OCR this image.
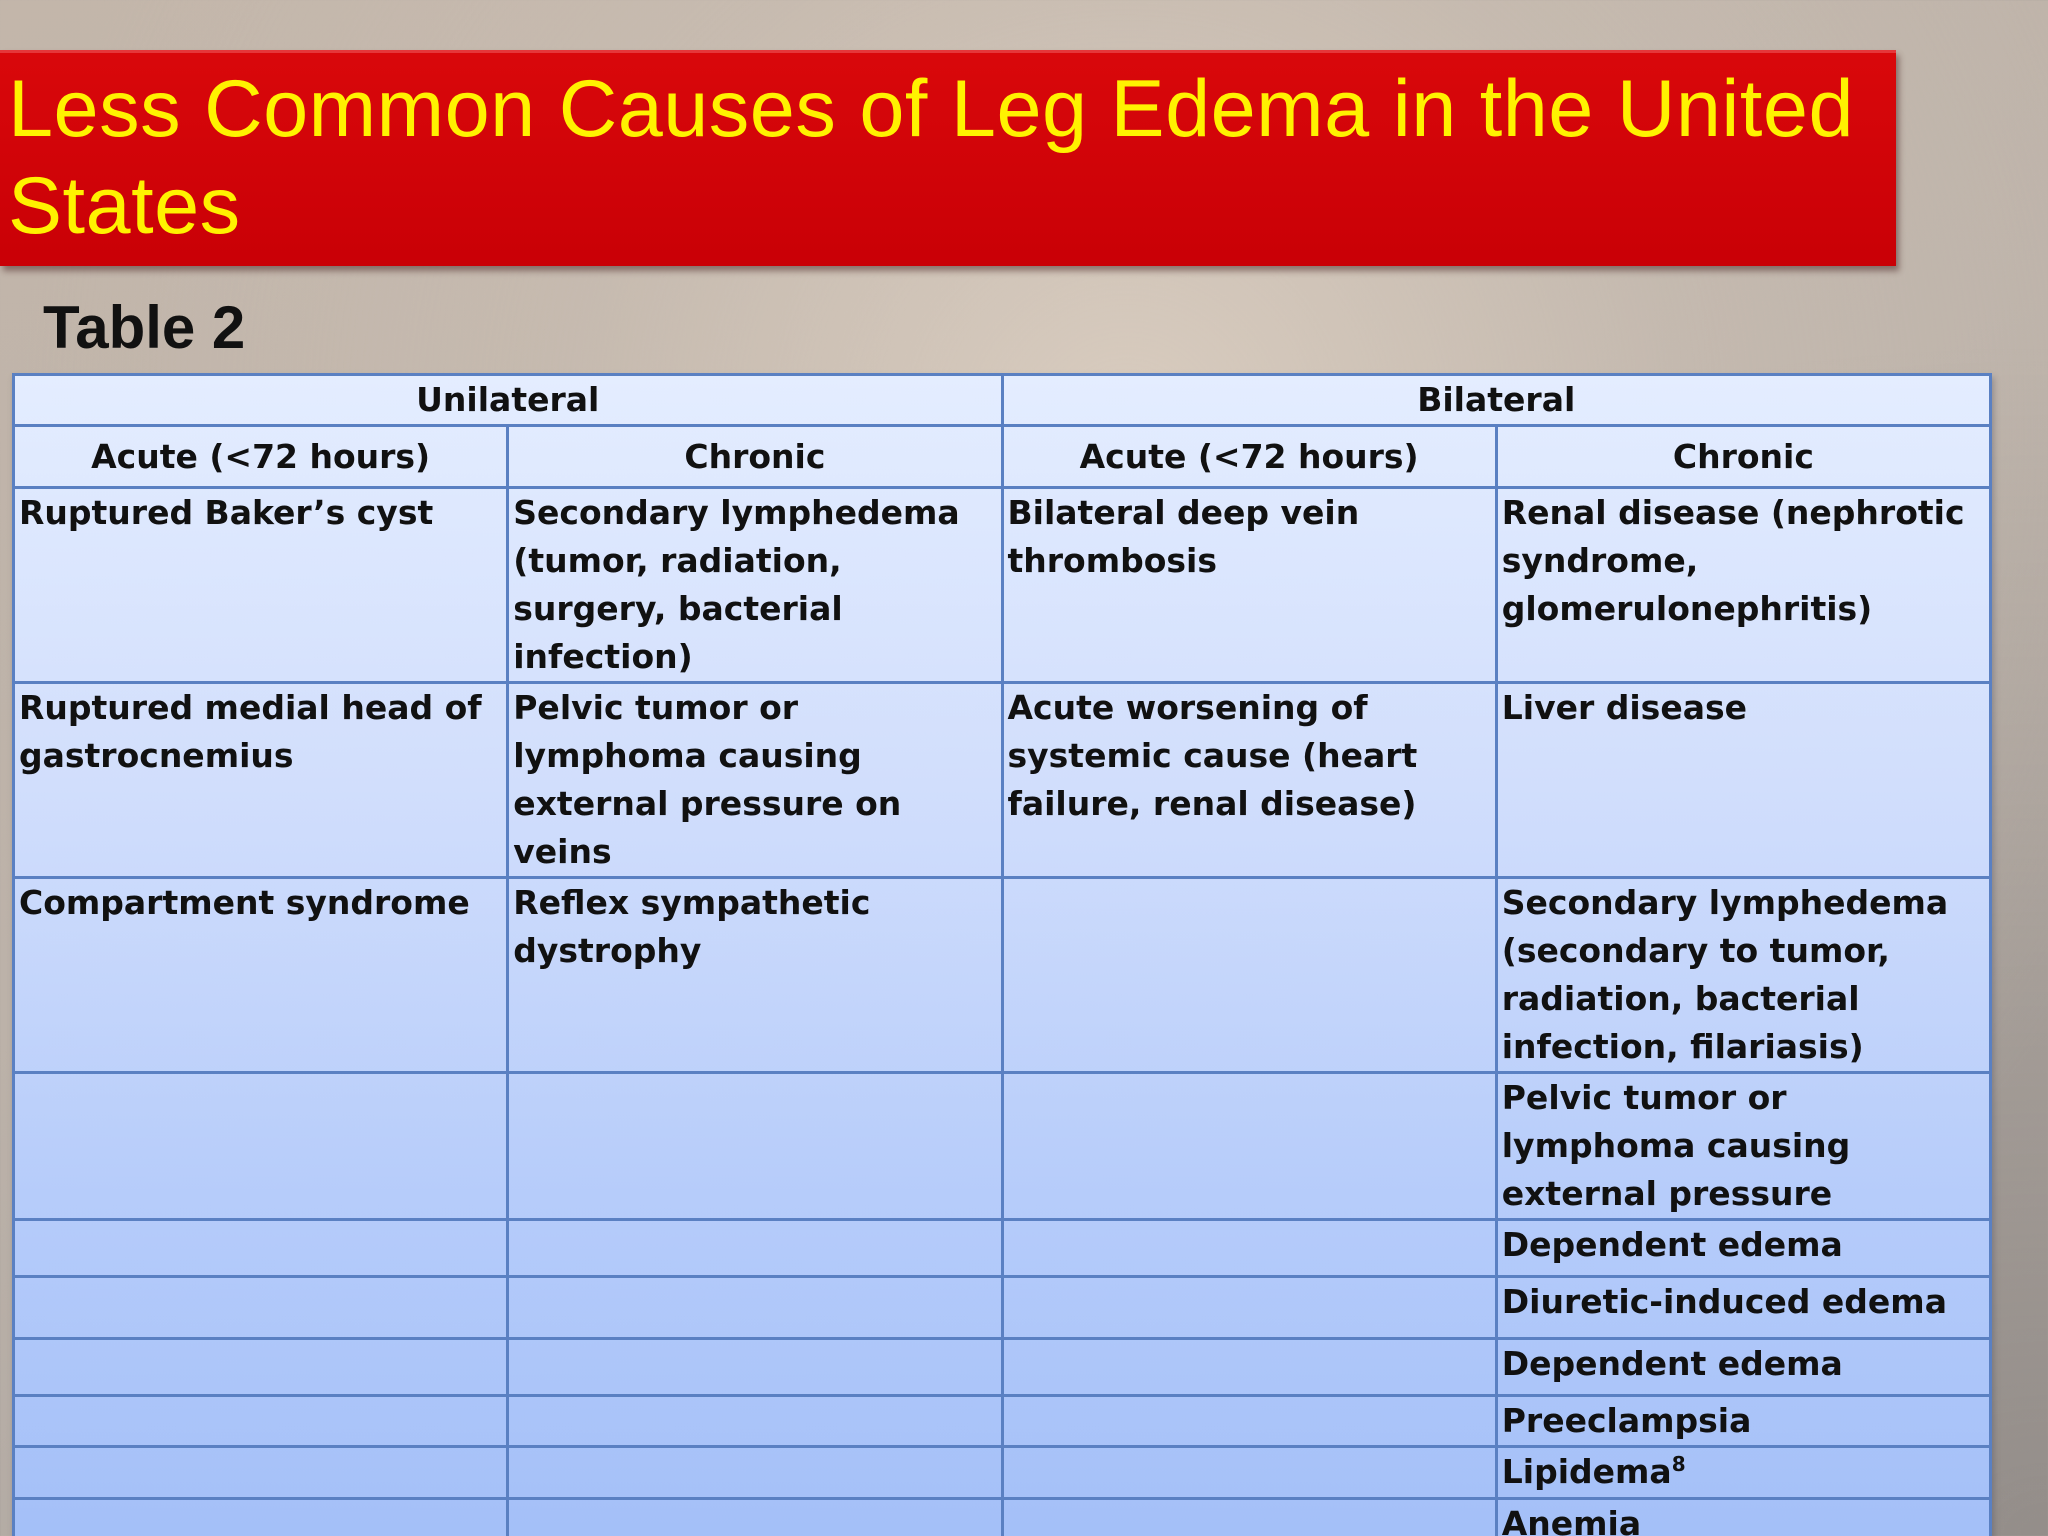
Less Common Causes of Leg Edema in the United States
Table 2
Unilateral		Bilateral	
Acute (<72 hours)	Chronic	Acute (<72 hours)	Chronic
Ruptured Baker’s cyst	Secondary lymphedema (tumor, radiation, surgery, bacterial infection)	Bilateral deep vein thrombosis	Renal disease (nephrotic syndrome, glomerulonephritis)
Ruptured medial head of gastrocnemius	Pelvic tumor or lymphoma causing external pressure on veins	Acute worsening of systemic cause (heart failure, renal disease)	Liver disease
Compartment syndrome	Reflex sympathetic dystrophy		Secondary lymphedema (secondary to tumor, radiation, bacterial infection, filariasis)
			Pelvic tumor or lymphoma causing external pressure
			Dependent edema
			Diuretic-induced edema
			Dependent edema
			Preeclampsia
			Lipidema$^8$
			Anemia
